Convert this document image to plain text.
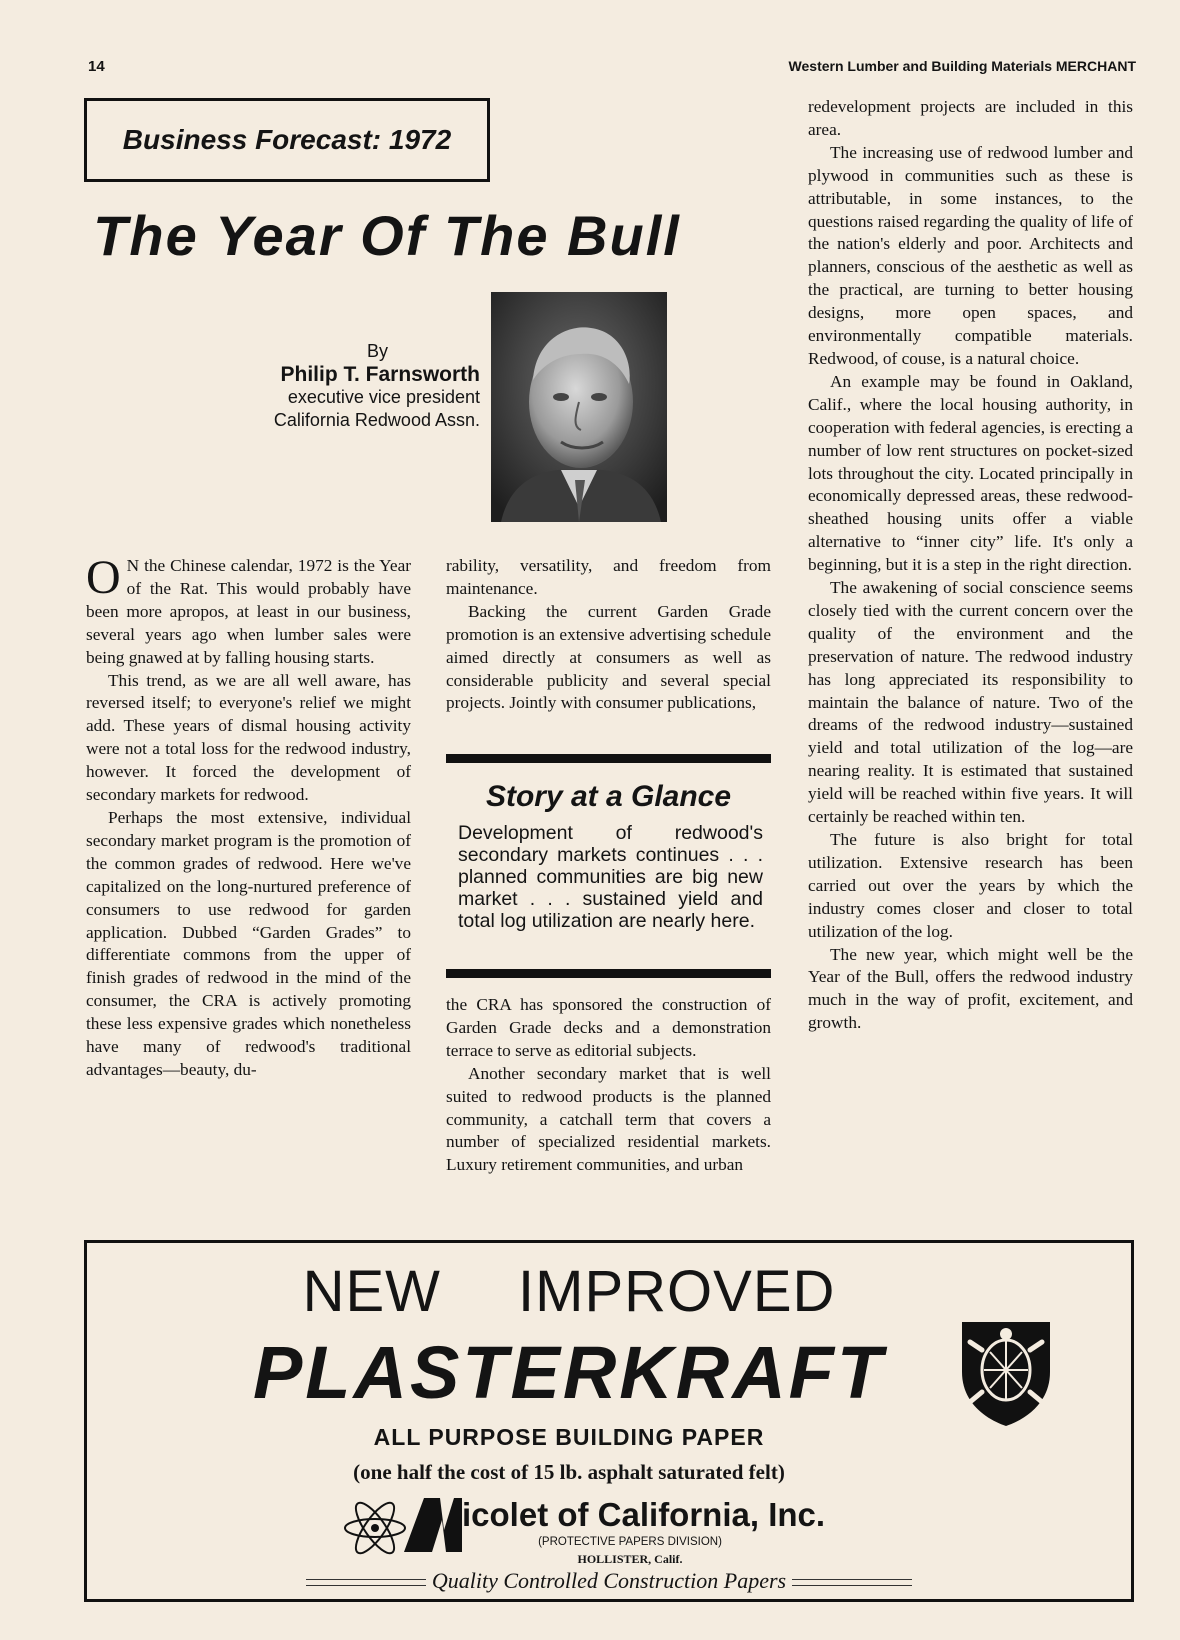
14	Western Lumber and Building Materials MERCHANT
Business Forecast: 1972
The Year Of The Bull
By
Philip T. Farnsworth
executive vice president
California Redwood Assn.

O N the Chinese calendar, 1972 is the Year of the Rat. This would probably have been more apropos, at least in our business, several years ago when lumber sales were being gnawed at by falling housing starts.

This trend, as we are all well aware, has reversed itself; to everyone's relief we might add. These years of dismal housing activity were not a total loss for the redwood industry, however. It forced the development of secondary markets for redwood.

Perhaps the most extensive, individual secondary market program is the promotion of the common grades of redwood. Here we've capitalized on the long-nurtured preference of consumers to use redwood for garden application. Dubbed “Garden Grades” to differentiate commons from the upper of finish grades of redwood in the mind of the consumer, the CRA is actively promoting these less expensive grades which nonetheless have many of redwood's traditional advantages—beauty, du-

rability, versatility, and freedom from maintenance.

Backing the current Garden Grade promotion is an extensive advertising schedule aimed directly at consumers as well as considerable publicity and several special projects. Jointly with consumer publications,

Story at a Glance
Development of redwood's secondary markets continues . . . planned communities are big new market . . . sustained yield and total log utilization are nearly here.

the CRA has sponsored the construction of Garden Grade decks and a demonstration terrace to serve as editorial subjects.

Another secondary market that is well suited to redwood products is the planned community, a catchall term that covers a number of specialized residential markets. Luxury retirement communities, and urban

redevelopment projects are included in this area.

The increasing use of redwood lumber and plywood in communities such as these is attributable, in some instances, to the questions raised regarding the quality of life of the nation's elderly and poor. Architects and planners, conscious of the aesthetic as well as the practical, are turning to better housing designs, more open spaces, and environmentally compatible materials. Redwood, of couse, is a natural choice.

An example may be found in Oakland, Calif., where the local housing authority, in cooperation with federal agencies, is erecting a number of low rent structures on pocket-sized lots throughout the city. Located principally in economically depressed areas, these redwood-sheathed housing units offer a viable alternative to “inner city” life. It's only a beginning, but it is a step in the right direction.

The awakening of social conscience seems closely tied with the current concern over the quality of the environment and the preservation of nature. The redwood industry has long appreciated its responsibility to maintain the balance of nature. Two of the dreams of the redwood industry—sustained yield and total utilization of the log—are nearing reality. It is estimated that sustained yield will be reached within five years. It will certainly be reached within ten.

The future is also bright for total utilization. Extensive research has been carried out over the years by which the industry comes closer and closer to total utilization of the log.

The new year, which might well be the Year of the Bull, offers the redwood industry much in the way of profit, excitement, and growth.

NEW IMPROVED
PLASTERKRAFT
ALL PURPOSE BUILDING PAPER
(one half the cost of 15 lb. asphalt saturated felt)
icolet of California, Inc.
(PROTECTIVE PAPERS DIVISION)
HOLLISTER, Calif.
Quality Controlled Construction Papers
